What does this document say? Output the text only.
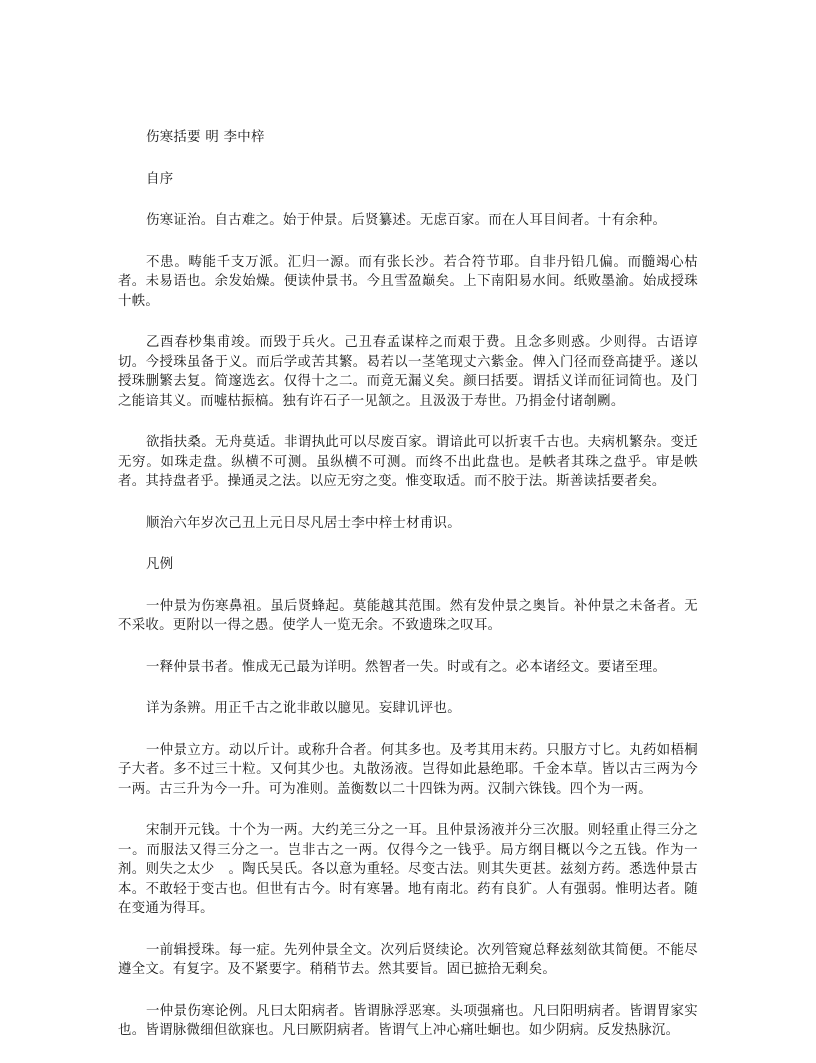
伤寒括要 明 李中梓

自序

伤寒证治。自古难之。始于仲景。后贤纂述。无虑百家。而在人耳目间者。十有余种。

不患。畴能千支万派。汇归一源。而有张长沙。若合符节耶。自非丹铅几偏。而髓竭心枯者。未易语也。余发始燥。便读仲景书。今且雪盈巅矣。上下南阳易水间。纸败墨渝。始成授珠十帙。

乙酉春杪集甫竣。而毁于兵火。己丑春孟谋梓之而艰于费。且念多则惑。少则得。古语谆切。今授珠虽备于义。而后学或苦其繁。曷若以一茎笔现丈六紫金。俾入门径而登高捷乎。遂以授珠删繁去复。简邃选玄。仅得十之二。而竟无漏义矣。颜曰括要。谓括义详而征词简也。及门之能谙其义。而嘘枯振槁。独有许石子一见颔之。且汲汲于寿世。乃捐金付诸剞劂。

欲指扶桑。无舟莫适。非谓执此可以尽废百家。谓谙此可以折衷千古也。夫病机繁杂。变迁无穷。如珠走盘。纵横不可测。虽纵横不可测。而终不出此盘也。是帙者其珠之盘乎。审是帙者。其持盘者乎。操通灵之法。以应无穷之变。惟变取适。而不胶于法。斯善读括要者矣。

顺治六年岁次己丑上元日尽凡居士李中梓士材甫识。

凡例

一仲景为伤寒鼻祖。虽后贤蜂起。莫能越其范围。然有发仲景之奥旨。补仲景之未备者。无不采收。更附以一得之愚。使学人一览无余。不致遗珠之叹耳。

一释仲景书者。惟成无己最为详明。然智者一失。时或有之。必本诸经文。要诸至理。

详为条辨。用正千古之讹非敢以臆见。妄肆讥评也。

一仲景立方。动以斤计。或称升合者。何其多也。及考其用末药。只服方寸匕。丸药如梧桐子大者。多不过三十粒。又何其少也。丸散汤液。岂得如此悬绝耶。千金本草。皆以古三两为今一两。古三升为今一升。可为准则。盖衡数以二十四铢为两。汉制六铢钱。四个为一两。

宋制开元钱。十个为一两。大约羌三分之一耳。且仲景汤液并分三次服。则轻重止得三分之一。而服法又得三分之一。岂非古之一两。仅得今之一钱乎。局方纲目概以今之五钱。作为一剂。则失之太少　。陶氏吴氏。各以意为重轻。尽变古法。则其失更甚。兹刻方药。悉选仲景古本。不敢轻于变古也。但世有古今。时有寒暑。地有南北。药有良犷。人有强弱。惟明达者。随在变通为得耳。

一前辑授珠。每一症。先列仲景全文。次列后贤续论。次列管窥总释兹刻欲其简便。不能尽遵全文。有复字。及不紧要字。稍稍节去。然其要旨。固已摭拾无剩矣。

一仲景伤寒论例。凡曰太阳病者。皆谓脉浮恶寒。头项强痛也。凡曰阳明病者。皆谓胃家实也。皆谓脉微细但欲寐也。凡曰厥阴病者。皆谓气上冲心痛吐蛔也。如少阴病。反发热脉沉。
